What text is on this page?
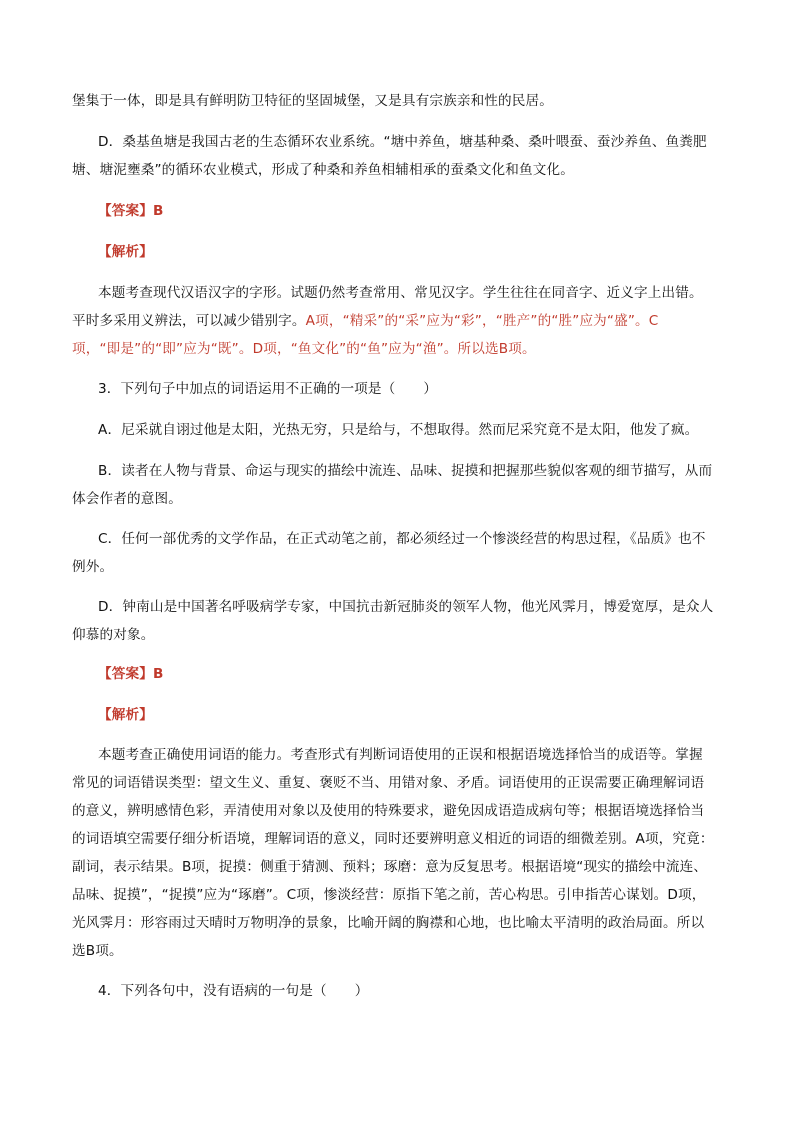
堡集于一体，即是具有鲜明防卫特征的坚固城堡，又是具有宗族亲和性的民居。
D．桑基鱼塘是我国古老的生态循环农业系统。“塘中养鱼，塘基种桑、桑叶喂蚕、蚕沙养鱼、鱼粪肥
塘、塘泥壅桑”的循环农业模式，形成了种桑和养鱼相辅相承的蚕桑文化和鱼文化。
【答案】B
【解析】
本题考查现代汉语汉字的字形。试题仍然考查常用、常见汉字。学生往往在同音字、近义字上出错。
平时多采用义辨法，可以减少错别字。A项，“精采”的“采”应为“彩”，“胜产”的“胜”应为“盛”。C
项，“即是”的“即”应为“既”。D项，“鱼文化”的“鱼”应为“渔”。所以选B项。
3．下列句子中加点的词语运用不正确的一项是（ ）
A．尼采就自诩过他是太阳，光热无穷，只是给与，不想取得。然而尼采究竟不是太阳，他发了疯。
B．读者在人物与背景、命运与现实的描绘中流连、品味、捉摸和把握那些貌似客观的细节描写，从而
体会作者的意图。
C．任何一部优秀的文学作品，在正式动笔之前，都必须经过一个惨淡经营的构思过程，《品质》也不
例外。
D．钟南山是中国著名呼吸病学专家，中国抗击新冠肺炎的领军人物，他光风霁月，博爱宽厚，是众人
仰慕的对象。
【答案】B
【解析】
本题考查正确使用词语的能力。考查形式有判断词语使用的正误和根据语境选择恰当的成语等。掌握
常见的词语错误类型：望文生义、重复、褒贬不当、用错对象、矛盾。词语使用的正误需要正确理解词语
的意义，辨明感情色彩，弄清使用对象以及使用的特殊要求，避免因成语造成病句等；根据语境选择恰当
的词语填空需要仔细分析语境，理解词语的意义，同时还要辨明意义相近的词语的细微差别。A项，究竟：
副词，表示结果。B项，捉摸：侧重于猜测、预料；琢磨：意为反复思考。根据语境“现实的描绘中流连、
品味、捉摸”，“捉摸”应为“琢磨”。C项，惨淡经营：原指下笔之前，苦心构思。引申指苦心谋划。D项，
光风霁月：形容雨过天晴时万物明净的景象，比喻开阔的胸襟和心地，也比喻太平清明的政治局面。所以
选B项。
4．下列各句中，没有语病的一句是（ ）
